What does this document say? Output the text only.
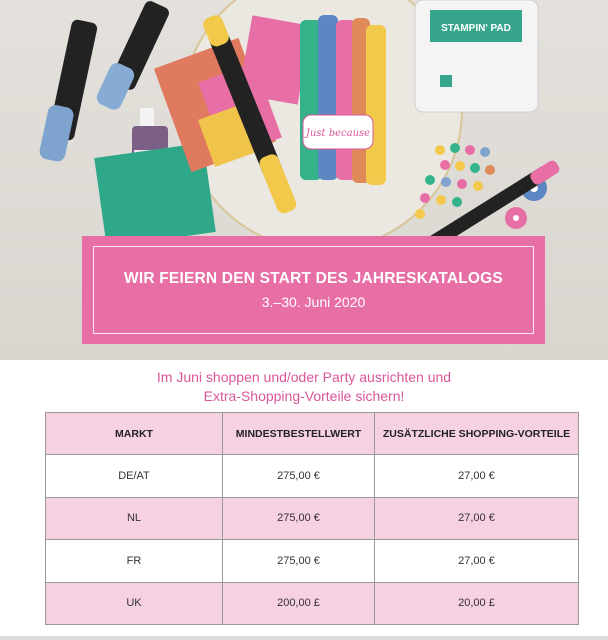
Just because
STAMPIN' PAD
WIR FEIERN DEN START DES JAHRESKATALOGS
3.–30. Juni 2020
Im Juni shoppen und/oder Party ausrichten und
Extra-Shopping-Vorteile sichern!
MARKT	MINDESTBESTELLWERT	ZUSÄTZLICHE SHOPPING-VORTEILE
DE/AT	275,00 €	27,00 €
NL	275,00 €	27,00 €
FR	275,00 €	27,00 €
UK	200,00 £	20,00 £
